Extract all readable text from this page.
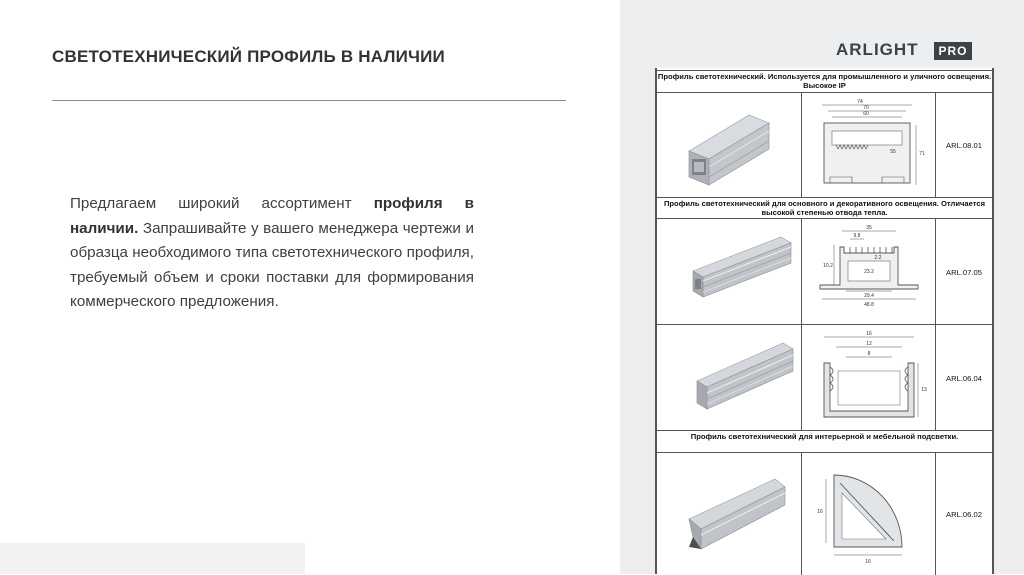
СВЕТОТЕХНИЧЕСКИЙ ПРОФИЛЬ В НАЛИЧИИ

Предлагаем широкий ассортимент профиля в наличии. Запрашивайте у вашего менеджера чертежи и образца необходимого типа светотехнического профиля, требуемый объем и сроки поставки для формирования коммерческого предложения.

ARLIGHT	PRO
Профиль светотехнический. Используется для промышленного и уличного освещения. Высокое IP
74
70
60
71
55
ARL.08.01
Профиль светотехнический для основного и декоративного освещения. Отличается высокой степенью отвода тепла.
35
9.8
2.2
23.2
10.2
29.4
48.8
ARL.07.05
16
12
8
13
ARL.06.04
Профиль светотехнический для интерьерной и мебельной подсветки.
16
16
ARL.06.02
